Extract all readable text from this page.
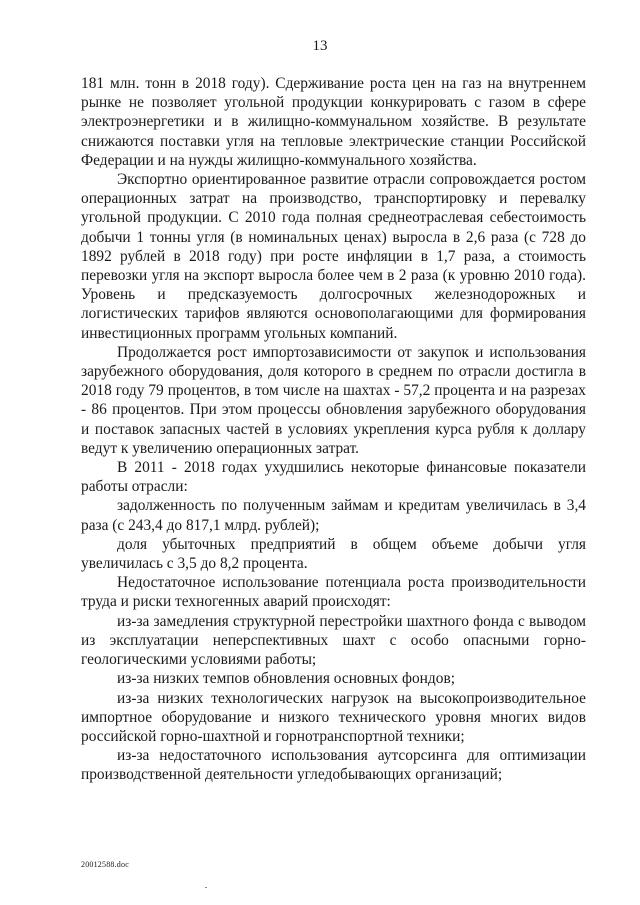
13

181 млн. тонн в 2018 году). Сдерживание роста цен на газ на внутреннем рынке не позволяет угольной продукции конкурировать с газом в сфере электроэнергетики и в жилищно-коммунальном хозяйстве. В результате снижаются поставки угля на тепловые электрические станции Российской Федерации и на нужды жилищно-коммунального хозяйства.

Экспортно ориентированное развитие отрасли сопровождается ростом операционных затрат на производство, транспортировку и перевалку угольной продукции. С 2010 года полная среднеотраслевая себестоимость добычи 1 тонны угля (в номинальных ценах) выросла в 2,6 раза (с 728 до 1892 рублей в 2018 году) при росте инфляции в 1,7 раза, а стоимость перевозки угля на экспорт выросла более чем в 2 раза (к уровню 2010 года). Уровень и предсказуемость долгосрочных железнодорожных и логистических тарифов являются основополагающими для формирования инвестиционных программ угольных компаний.

Продолжается рост импортозависимости от закупок и использования зарубежного оборудования, доля которого в среднем по отрасли достигла в 2018 году 79 процентов, в том числе на шахтах - 57,2 процента и на разрезах - 86 процентов. При этом процессы обновления зарубежного оборудования и поставок запасных частей в условиях укрепления курса рубля к доллару ведут к увеличению операционных затрат.

В 2011 - 2018 годах ухудшились некоторые финансовые показатели работы отрасли:

задолженность по полученным займам и кредитам увеличилась в 3,4 раза (с 243,4 до 817,1 млрд. рублей);

доля убыточных предприятий в общем объеме добычи угля увеличилась с 3,5 до 8,2 процента.

Недостаточное использование потенциала роста производительности труда и риски техногенных аварий происходят:

из-за замедления структурной перестройки шахтного фонда с выводом из эксплуатации неперспективных шахт с особо опасными горно-геологическими условиями работы;

из-за низких темпов обновления основных фондов;

из-за низких технологических нагрузок на высокопроизводительное импортное оборудование и низкого технического уровня многих видов российской горно-шахтной и горнотранспортной техники;

из-за недостаточного использования аутсорсинга для оптимизации производственной деятельности угледобывающих организаций;

20012588.doc
